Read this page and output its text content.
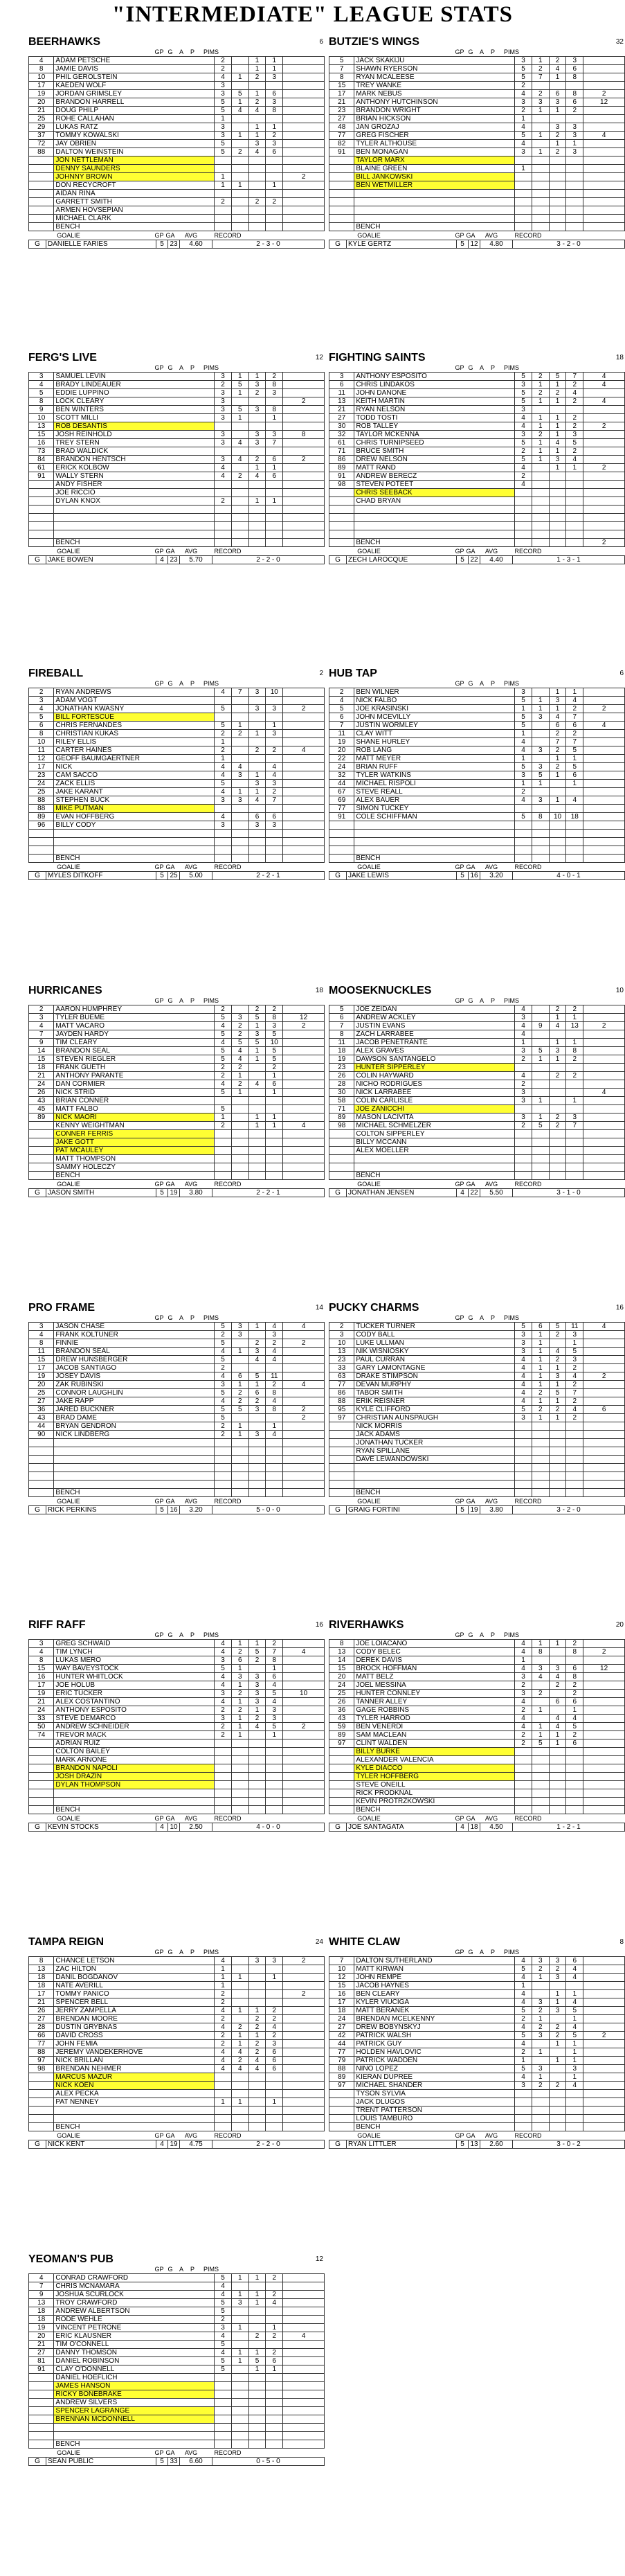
"INTERMEDIATE" LEAGUE STATS
BEERHAWKS	6
GP G	A	P	PIMS
4	ADAM PETSCHE	2		1	1	
8	JAMIE DAVIS	2		1	1	
10	PHIL GEROLSTEIN	4	1	2	3	
17	KAEDEN WOLF	3				
19	JORDAN GRIMSLEY	3	5	1	6	
20	BRANDON HARRELL	5	1	2	3	
21	DOUG PHILP	5	4	4	8	
25	ROHE CALLAHAN	1				
29	LUKAS RATZ	3		1	1	
37	TOMMY KOWALSKI	3	1	1	2	
72	JAY OBRIEN	5		3	3	
88	DALTON WEINSTEIN	5	2	4	6	
	JON NETTLEMAN					
	DENNY SAUNDERS					
	JOHNNY BROWN	1				2
	DON RECYCROFT	1	1		1	
	AIDAN RINA					
	GARRETT SMITH	2		2	2	
	ARMEN HOVSEPIAN					
	MICHAEL CLARK					
	BENCH					
GOALIE	GP GA	AVG	RECORD
G	DANIELLE FARIES	5	23	4.60	2 - 3 - 0
BUTZIE'S WINGS	32
GP G	A	P	PIMS
5	JACK SKAKIJU	3	1	2	3	
7	SHAWN RYERSON	5	2	4	6	
8	RYAN MCALEESE	5	7	1	8	
15	TREY WANKE	2				
17	MARK NEBUS	4	2	6	8	2
21	ANTHONY HUTCHINSON	3	3	3	6	12
23	BRANDON WRIGHT	2	1	1	2	
27	BRIAN HICKSON	1				
48	JAN GROZAJ	4		3	3	
77	GREG FISCHER	5	1	2	3	4
82	TYLER ALTHOUSE	4		1	1	
91	BEN MONAGAN	3	1	2	3	
	TAYLOR MARX					
	BLAINE GREEN	1				
	BILL JANKOWSKI					
	BEN WETMILLER					

	BENCH					
GOALIE	GP GA	AVG	RECORD
G	KYLE GERTZ	5	12	4.80	3 - 2 - 0
FERG'S LIVE	12
GP G	A	P	PIMS
3	SAMUEL LEVIN	3	1	1	2	
4	BRADY LINDEAUER	2	5	3	8	
5	EDDIE LUPPINO	3	1	2	3	
8	LOCK CLEARY	3				2
9	BEN WINTERS	3	5	3	8	
10	SCOTT MILLI	3	1		1	
13	ROB DESANTIS					
15	JOSH REINHOLD	3		3	3	8
16	TREY STERN	3	4	3	7	
73	BRAD WALDICK					
84	BRANDON HENTSCH	3	4	2	6	2
61	ERICK KOLBOW	4		1	1	
91	WALLY STERN	4	2	4	6	
	ANDY FISHER					
	JOE RICCIO					
	DYLAN KNOX	2		1	1	

	BENCH					
GOALIE	GP GA	AVG	RECORD
G	JAKE BOWEN	4	23	5.70	2 - 2 - 0
FIGHTING SAINTS	18
GP G	A	P	PIMS
3	ANTHONY ESPOSITO	5	2	5	7	4
6	CHRIS LINDAKOS	3	1	1	2	4
11	JOHN DANONE	5	2	2	4	
13	KEITH MARTIN	5	1	1	2	4
21	RYAN NELSON	3				
27	TODD TOSTI	4	1	1	2	
30	ROB TALLEY	4	1	1	2	2
32	TAYLOR MCKENNA	3	2	1	3	
61	CHRIS TURNIPSEED	5	1	4	5	
71	BRUCE SMITH	2	1	1	2	
86	DREW NELSON	5	1	3	4	
89	MATT RAND	4		1	1	2
91	ANDREW BERECZ	2				
98	STEVEN POTEET	4				
	CHRIS SEEBACK					
	CHAD BRYAN					

	BENCH					2
GOALIE	GP GA	AVG	RECORD
G	ZECH LAROCQUE	5	22	4.40	1 - 3 - 1
FIREBALL	2
GP G	A	P	PIMS
2	RYAN ANDREWS	4	7	3	10	
3	ADAM VOGT					
4	JONATHAN KWASNY	5		3	3	2
5	BILL FORTESCUE					
6	CHRIS FERNANDES	5	1		1	
8	CHRISTIAN KUKAS	2	2	1	3	
10	RILEY ELLIS	1				
11	CARTER HAINES	2		2	2	4
12	GEOFF BAUMGAERTNER	1				
17	NICK	4	4		4	
23	CAM SACCO	4	3	1	4	
24	ZACK ELLIS	5		3	3	
25	JAKE KARANT	4	1	1	2	
88	STEPHEN BUCK	3	3	4	7	
88	MIKE PUTMAN					
89	EVAN HOFFBERG	4		6	6	
96	BILLY CODY	3		3	3	

	BENCH					
GOALIE	GP GA	AVG	RECORD
G	MYLES DITKOFF	5	25	5.00	2 - 2 - 1
HUB TAP	6
GP G	A	P	PIMS
2	BEN WILNER	3		1	1	
4	NICK FALBO	5	1	3	4	
5	JOE KRASINSKI	1	1	1	2	2
6	JOHN MCEVILLY	5	3	4	7	
7	JUSTIN WORMLEY	5		6	6	4
11	CLAY WITT	1		2	2	
19	SHANE HURLEY	4		7	7	
20	ROB LANG	4	3	2	5	
22	MATT MEYER	1		1	1	
24	BRIAN RUFF	5	3	2	5	
32	TYLER WATKINS	3	5	1	6	
44	MICHAEL RISPOLI	1	1		1	
67	STEVE REALL	2				
69	ALEX BAUER	4	3	1	4	
77	SIMON TUCKEY					
91	COLE SCHIFFMAN	5	8	10	18	

	BENCH					
GOALIE	GP GA	AVG	RECORD
G	JAKE LEWIS	5	16	3.20	4 - 0 - 1
HURRICANES	18
GP G	A	P	PIMS
2	AARON HUMPHREY	2		2	2	
3	TYLER BUEME	5	3	5	8	12
4	MATT VACARO	4	2	1	3	2
7	JAYDEN HARDY	5	2	3	5	
9	TIM CLEARY	4	5	5	10	
14	BRANDON SEAL	5	4	1	5	
15	STEVEN RIEGLER	5	4	1	5	
18	FRANK GUETH	2	2		2	
21	ANTHONY PARANTE	2	1		1	
24	DAN CORMIER	4	2	4	6	
26	NICK STRID	5	1		1	
43	BRIAN CONNER					
45	MATT FALBO	5				
89	NICK MAORI	1		1	1	
	KENNY WEIGHTMAN	2		1	1	4
	CONNER FERRIS					
	JAKE GOTT					
	PAT MCAULEY					
	MATT THOMPSON					
	SAMMY HOLECZY					
	BENCH					
GOALIE	GP GA	AVG	RECORD
G	JASON SMITH	5	19	3.80	2 - 2 - 1
MOOSEKNUCKLES	10
GP G	A	P	PIMS
5	JOE ZEIDAN	4		2	2	
6	ANDREW ACKLEY	3		1	1	
7	JUSTIN EVANS	4	9	4	13	2
8	ZACH LARRABEE	4				
11	JACOB PENETRANTE	1		1	1	
18	ALEX GRAVES	3	5	3	8	
19	DAWSON SANTANGELO	2	1	1	2	
23	HUNTER SIPPERLEY					
26	COLIN HAYWARD	4		2	2	
28	NICHO RODRIGUES	2				
30	NICK LARRABEE	3				4
58	COLIN CARLISLE	3	1		1	
71	JOE ZANICCHI					
89	MASON LACIVITA	3	1	2	3	
98	MICHAEL SCHMELZER	2	5	2	7	
	COLTON SIPPERLEY					
	BILLY MCCANN					
	ALEX MOELLER					

	BENCH					
GOALIE	GP GA	AVG	RECORD
G	JONATHAN JENSEN	4	22	5.50	3 - 1 - 0
PRO FRAME	14
GP G	A	P	PIMS
3	JASON CHASE	5	3	1	4	4
4	FRANK KOLTUNER	2	3		3	
8	FINNIE	5		2	2	2
11	BRANDON SEAL	4	1	3	4	
15	DREW HUNSBERGER	5		4	4	
17	JACOB SANTIAGO	2				
19	JOSEY DAVIS	4	6	5	11	
20	ZAK RUBINSKI	3	1	1	2	4
25	CONNOR LAUGHLIN	5	2	6	8	
27	JAKE RAPP	4	2	2	4	
36	JARED BUCKNER	5	5	3	8	2
43	BRAD DAME	5				2
44	BRYAN GENDRON	2	1		1	
90	NICK LINDBERG	2	1	3	4	

	BENCH					
GOALIE	GP GA	AVG	RECORD
G	RICK PERKINS	5	16	3.20	5 - 0 - 0
PUCKY CHARMS	16
GP G	A	P	PIMS
2	TUCKER TURNER	5	6	5	11	4
3	CODY BALL	3	1	2	3	
10	LUKE ULLMAN	3	1		1	
13	NIK WISNIOSKY	3	1	4	5	
23	PAUL CURRAN	4	1	2	3	
33	GARY LAMONTAGNE	4	1	1	2	
63	DRAKE STIMPSON	4	1	3	4	2
77	DEVAN MURPHY	4	1	1	2	
86	TABOR SMITH	4	2	5	7	
88	ERIK REISNER	4	1	1	2	
95	KYLE CLIFFORD	5	2	2	4	6
97	CHRISTIAN AUNSPAUGH	3	1	1	2	
	NICK MORRIS					
	JACK ADAMS					
	JONATHAN TUCKER					
	RYAN SPILLANE					
	DAVE LEWANDOWSKI					

	BENCH					
GOALIE	GP GA	AVG	RECORD
G	GRAIG FORTINI	5	19	3.80	3 - 2 - 0
RIFF RAFF	16
GP G	A	P	PIMS
3	GREG SCHWAID	4	1	1	2	
4	TIM LYNCH	4	2	5	7	4
8	LUKAS MERO	3	6	2	8	
15	WAY BAVEYSTOCK	5	1		1	
16	HUNTER WHITLOCK	4	3	3	6	
17	JOE HOLUB	4	1	3	4	
19	ERIC TUCKER	3	2	3	5	10
21	ALEX COSTANTINO	4	1	3	4	
24	ANTHONY ESPOSITO	2	2	1	3	
33	STEVE DEMARCO	3	1	2	3	
50	ANDREW SCHNEIDER	2	1	4	5	2
74	TREVOR MACK	2	1		1	
	ADRIAN RUIZ					
	COLTON BAILEY					
	MARK ARNONE					
	BRANDON NAPOLI					
	JOSH DRAZIN					
	DYLAN THOMPSON					

	BENCH					
GOALIE	GP GA	AVG	RECORD
G	KEVIN STOCKS	4	10	2.50	4 - 0 - 0
RIVERHAWKS	20
GP G	A	P	PIMS
8	JOE LOIACANO	4	1	1	2	
13	CODY BELEC	4	8		8	2
14	DEREK DAVIS	1				
15	BROCK HOFFMAN	4	3	3	6	12
20	MATT BELZ	3	4	4	8	
24	JOEL MESSINA	2		2	2	
25	HUNTER CONNLEY	3	2		2	
26	TANNER ALLEY	4		6	6	
36	GAGE ROBBINS	2	1		1	
43	TYLER HARROD	4		4	4	
59	BEN VENERDI	4	1	4	5	
89	SAM MACLEAN	2	1	1	2	
97	CLINT WALDEN	2	5	1	6	
	BILLY BURKE					
	ALEXANDER VALENCIA					
	KYLE DIACCO					
	TYLER HOFFBERG					
	STEVE ONEILL					
	RICK PRODKNAL					
	KEVIN PROTRZKOWSKI					
	BENCH					
GOALIE	GP GA	AVG	RECORD
G	JOE SANTAGATA	4	18	4.50	1 - 2 - 1
TAMPA REIGN	24
GP G	A	P	PIMS
8	CHANCE LETSON	4		3	3	2
13	ZAC HILTON	1				
18	DANIL BOGDANOV	1	1		1	
18	NATE AVERILL	1				
17	TOMMY PANICO	2				2
21	SPENCER BELL	2				
26	JERRY ZAMPELLA	4	1	1	2	
27	BRENDAN MOORE	2		2	2	
28	DUSTIN GRYBNAS	4	2	2	4	
66	DAVID CROSS	2	1	1	2	
77	JOHN FEMIA	2	1	2	3	
88	JEREMY VANDEKERHOVE	4	4	2	6	
97	NICK BRILLAN	4	2	4	6	
98	BRENDAN NEHMER	4	4	4	6	
	MARCUS MAZUR					
	NICK KOEN					
	ALEX PECKA					
	PAT NENNEY	1	1		1	

	BENCH					
GOALIE	GP GA	AVG	RECORD
G	NICK KENT	4	19	4.75	2 - 2 - 0
WHITE CLAW	8
GP G	A	P	PIMS
7	DALTON SUTHERLAND	4	3	3	6	
10	MATT KIRWAN	5	2	2	4	
12	JOHN REMPE	4	1	3	4	
15	JACOB HAYNES	1				
16	BEN CLEARY	4		1	1	
17	KYLER VIUCIGA	4	3	1	4	
18	MATT BERANEK	5	2	3	5	
24	BRENDAN MCELKENNY	2	1		1	
27	DREW BOBYNSKYJ	4	2	2	4	
42	PATRICK WALSH	5	3	2	5	2
44	PATRICK GUY	4		1	1	
77	HOLDEN HAVLOVIC	2	1		1	
79	PATRICK WADDEN	1		1	1	
88	NINO LOPEZ	5	3		3	
89	KIERAN DUPREE	4	1		1	
97	MICHAEL SHANDER	3	2	2	4	
	TYSON SYLVIA					
	JACK DLUGOS					
	TRENT PATTERSON					
	LOUIS TAMBURO					
	BENCH					
GOALIE	GP GA	AVG	RECORD
G	RYAN LITTLER	5	13	2.60	3 - 0 - 2
YEOMAN'S PUB	12
GP G	A	P	PIMS
4	CONRAD CRAWFORD	5	1	1	2	
7	CHRIS MCNAMARA	4				
9	JOSHUA SCURLOCK	4	1	1	2	
13	TROY CRAWFORD	5	3	1	4	
18	ANDREW ALBERTSON	5				
18	RODE WEHLE	2				
19	VINCENT PETRONE	3	1		1	
20	ERIC KLAUSNER	4		2	2	4
21	TIM O'CONNELL	5				
27	DANNY THOMSON	4	1	1	2	
81	DANIEL ROBINSON	5	1	5	6	
91	CLAY O'DONNELL	5		1	1	
	DANIEL HOEFLICH					
	JAMES HANSON					
	RICKY BONEBRAKE					
	ANDREW SILVERS					
	SPENCER LAGRANGE					
	BRENNAN MCDONNELL					

	BENCH					
GOALIE	GP GA	AVG	RECORD
G	SEAN PUBLIC	5	33	6.60	0 - 5 - 0
